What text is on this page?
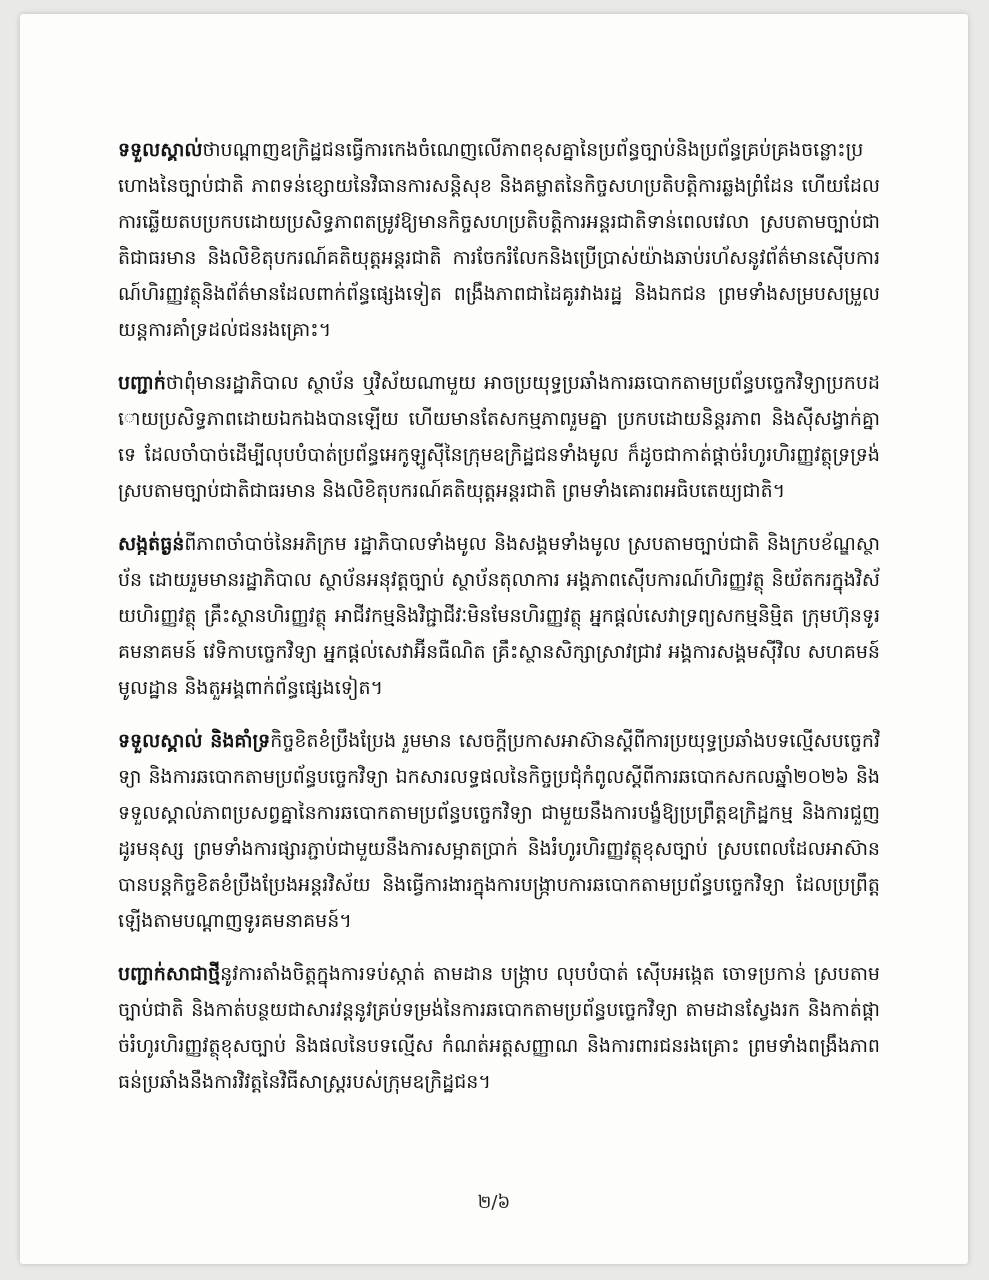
ទទួលស្គាល់ថាបណ្តាញឧក្រិដ្ឋជនធ្វើការកេងចំណេញលើភាពខុសគ្នានៃប្រព័ន្ធច្បាប់និងប្រព័ន្ធគ្រប់គ្រងចន្លោះប្រហោងនៃច្បាប់ជាតិ ភាពទន់ខ្សោយនៃវិធានការសន្តិសុខ និងគម្លាតនៃកិច្ចសហប្រតិបត្តិការឆ្លងព្រំដែន ហើយដែលការឆ្លើយតបប្រកបដោយប្រសិទ្ធភាពតម្រូវឱ្យមានកិច្ចសហប្រតិបត្តិការអន្តរជាតិទាន់ពេលវេលា ស្របតាមច្បាប់ជាតិជាធរមាន និងលិខិតុបករណ៍គតិយុត្តអន្តរជាតិ ការចែករំលែកនិងប្រើប្រាស់យ៉ាងឆាប់រហ័សនូវព័ត៌មានស៊ើបការណ៍ហិរញ្ញវត្ថុនិងព័ត៌មានដែលពាក់ព័ន្ធផ្សេងទៀត ពង្រឹងភាពជាដៃគូរវាងរដ្ឋ និងឯកជន ព្រមទាំងសម្របសម្រួលយន្តការគាំទ្រដល់ជនរងគ្រោះ។

បញ្ជាក់ថាពុំមានរដ្ឋាភិបាល ស្ថាប័ន ឬវិស័យណាមួយ អាចប្រយុទ្ធប្រឆាំងការឆបោកតាមប្រព័ន្ធបច្ចេកវិទ្យាប្រកបដោយប្រសិទ្ធភាពដោយឯកឯងបានឡើយ ហើយមានតែសកម្មភាពរួមគ្នា ប្រកបដោយនិន្តរភាព និងស៊ីសង្វាក់គ្នាទេ ដែលចាំបាច់ដើម្បីលុបបំបាត់ប្រព័ន្ធអេកូឡូស៊ីនៃក្រុមឧក្រិដ្ឋជនទាំងមូល ក៏ដូចជាកាត់ផ្តាច់រំហូរហិរញ្ញវត្ថុទ្រទ្រង់ ស្របតាមច្បាប់ជាតិជាធរមាន និងលិខិតុបករណ៍គតិយុត្តអន្តរជាតិ ព្រមទាំងគោរពអធិបតេយ្យជាតិ។

សង្កត់ធ្ងន់ពីភាពចាំបាច់នៃអភិក្រម រដ្ឋាភិបាលទាំងមូល និងសង្គមទាំងមូល ស្របតាមច្បាប់ជាតិ និងក្របខ័ណ្ឌស្ថាប័ន ដោយរួមមានរដ្ឋាភិបាល ស្ថាប័នអនុវត្តច្បាប់ ស្ថាប័នតុលាការ អង្គភាពស៊ើបការណ៍ហិរញ្ញវត្ថុ និយ័តករក្នុងវិស័យហិរញ្ញវត្ថុ គ្រឹះស្ថានហិរញ្ញវត្ថុ អាជីវកម្មនិងវិជ្ជាជីវៈមិនមែនហិរញ្ញវត្ថុ អ្នកផ្តល់សេវាទ្រព្យសកម្មនិម្មិត ក្រុមហ៊ុនទូរគមនាគមន៍ វេទិកាបច្ចេកវិទ្យា អ្នកផ្តល់សេវាអ៊ីនធឺណិត គ្រឹះស្ថានសិក្សាស្រាវជ្រាវ អង្គការសង្គមស៊ីវិល សហគមន៍មូលដ្ឋាន និងតួអង្គពាក់ព័ន្ធផ្សេងទៀត។

ទទួលស្គាល់ និងគាំទ្រកិច្ចខិតខំប្រឹងប្រែង រួមមាន សេចក្តីប្រកាសអាស៊ានស្តីពីការប្រយុទ្ធប្រឆាំងបទល្មើសបច្ចេកវិទ្យា និងការឆបោកតាមប្រព័ន្ធបច្ចេកវិទ្យា ឯកសារលទ្ធផលនៃកិច្ចប្រជុំកំពូលស្តីពីការឆបោកសកលឆ្នាំ២០២៦ និងទទួលស្គាល់ភាពប្រសព្វគ្នានៃការឆបោកតាមប្រព័ន្ធបច្ចេកវិទ្យា ជាមួយនឹងការបង្ខំឱ្យប្រព្រឹត្តឧក្រិដ្ឋកម្ម និងការជួញដូរមនុស្ស ព្រមទាំងការផ្សារភ្ជាប់ជាមួយនឹងការសម្អាតប្រាក់ និងរំហូរហិរញ្ញវត្ថុខុសច្បាប់ ស្របពេលដែលអាស៊ានបានបន្តកិច្ចខិតខំប្រឹងប្រែងអន្តរវិស័យ និងធ្វើការងារក្នុងការបង្ក្រាបការឆបោកតាមប្រព័ន្ធបច្ចេកវិទ្យា ដែលប្រព្រឹត្តឡើងតាមបណ្តាញទូរគមនាគមន៍។

បញ្ជាក់សាជាថ្មីនូវការតាំងចិត្តក្នុងការទប់ស្កាត់ តាមដាន បង្ក្រាប លុបបំបាត់ ស៊ើបអង្កេត ចោទប្រកាន់ ស្របតាមច្បាប់ជាតិ និងកាត់បន្ថយជាសារវន្តនូវគ្រប់ទម្រង់នៃការឆបោកតាមប្រព័ន្ធបច្ចេកវិទ្យា តាមដានស្វែងរក និងកាត់ផ្តាច់រំហូរហិរញ្ញវត្ថុខុសច្បាប់ និងផលនៃបទល្មើស កំណត់អត្តសញ្ញាណ និងការពារជនរងគ្រោះ ព្រមទាំងពង្រឹងភាពធន់ប្រឆាំងនឹងការវិវត្តនៃវិធីសាស្ត្ររបស់ក្រុមឧក្រិដ្ឋជន។

២/៦
